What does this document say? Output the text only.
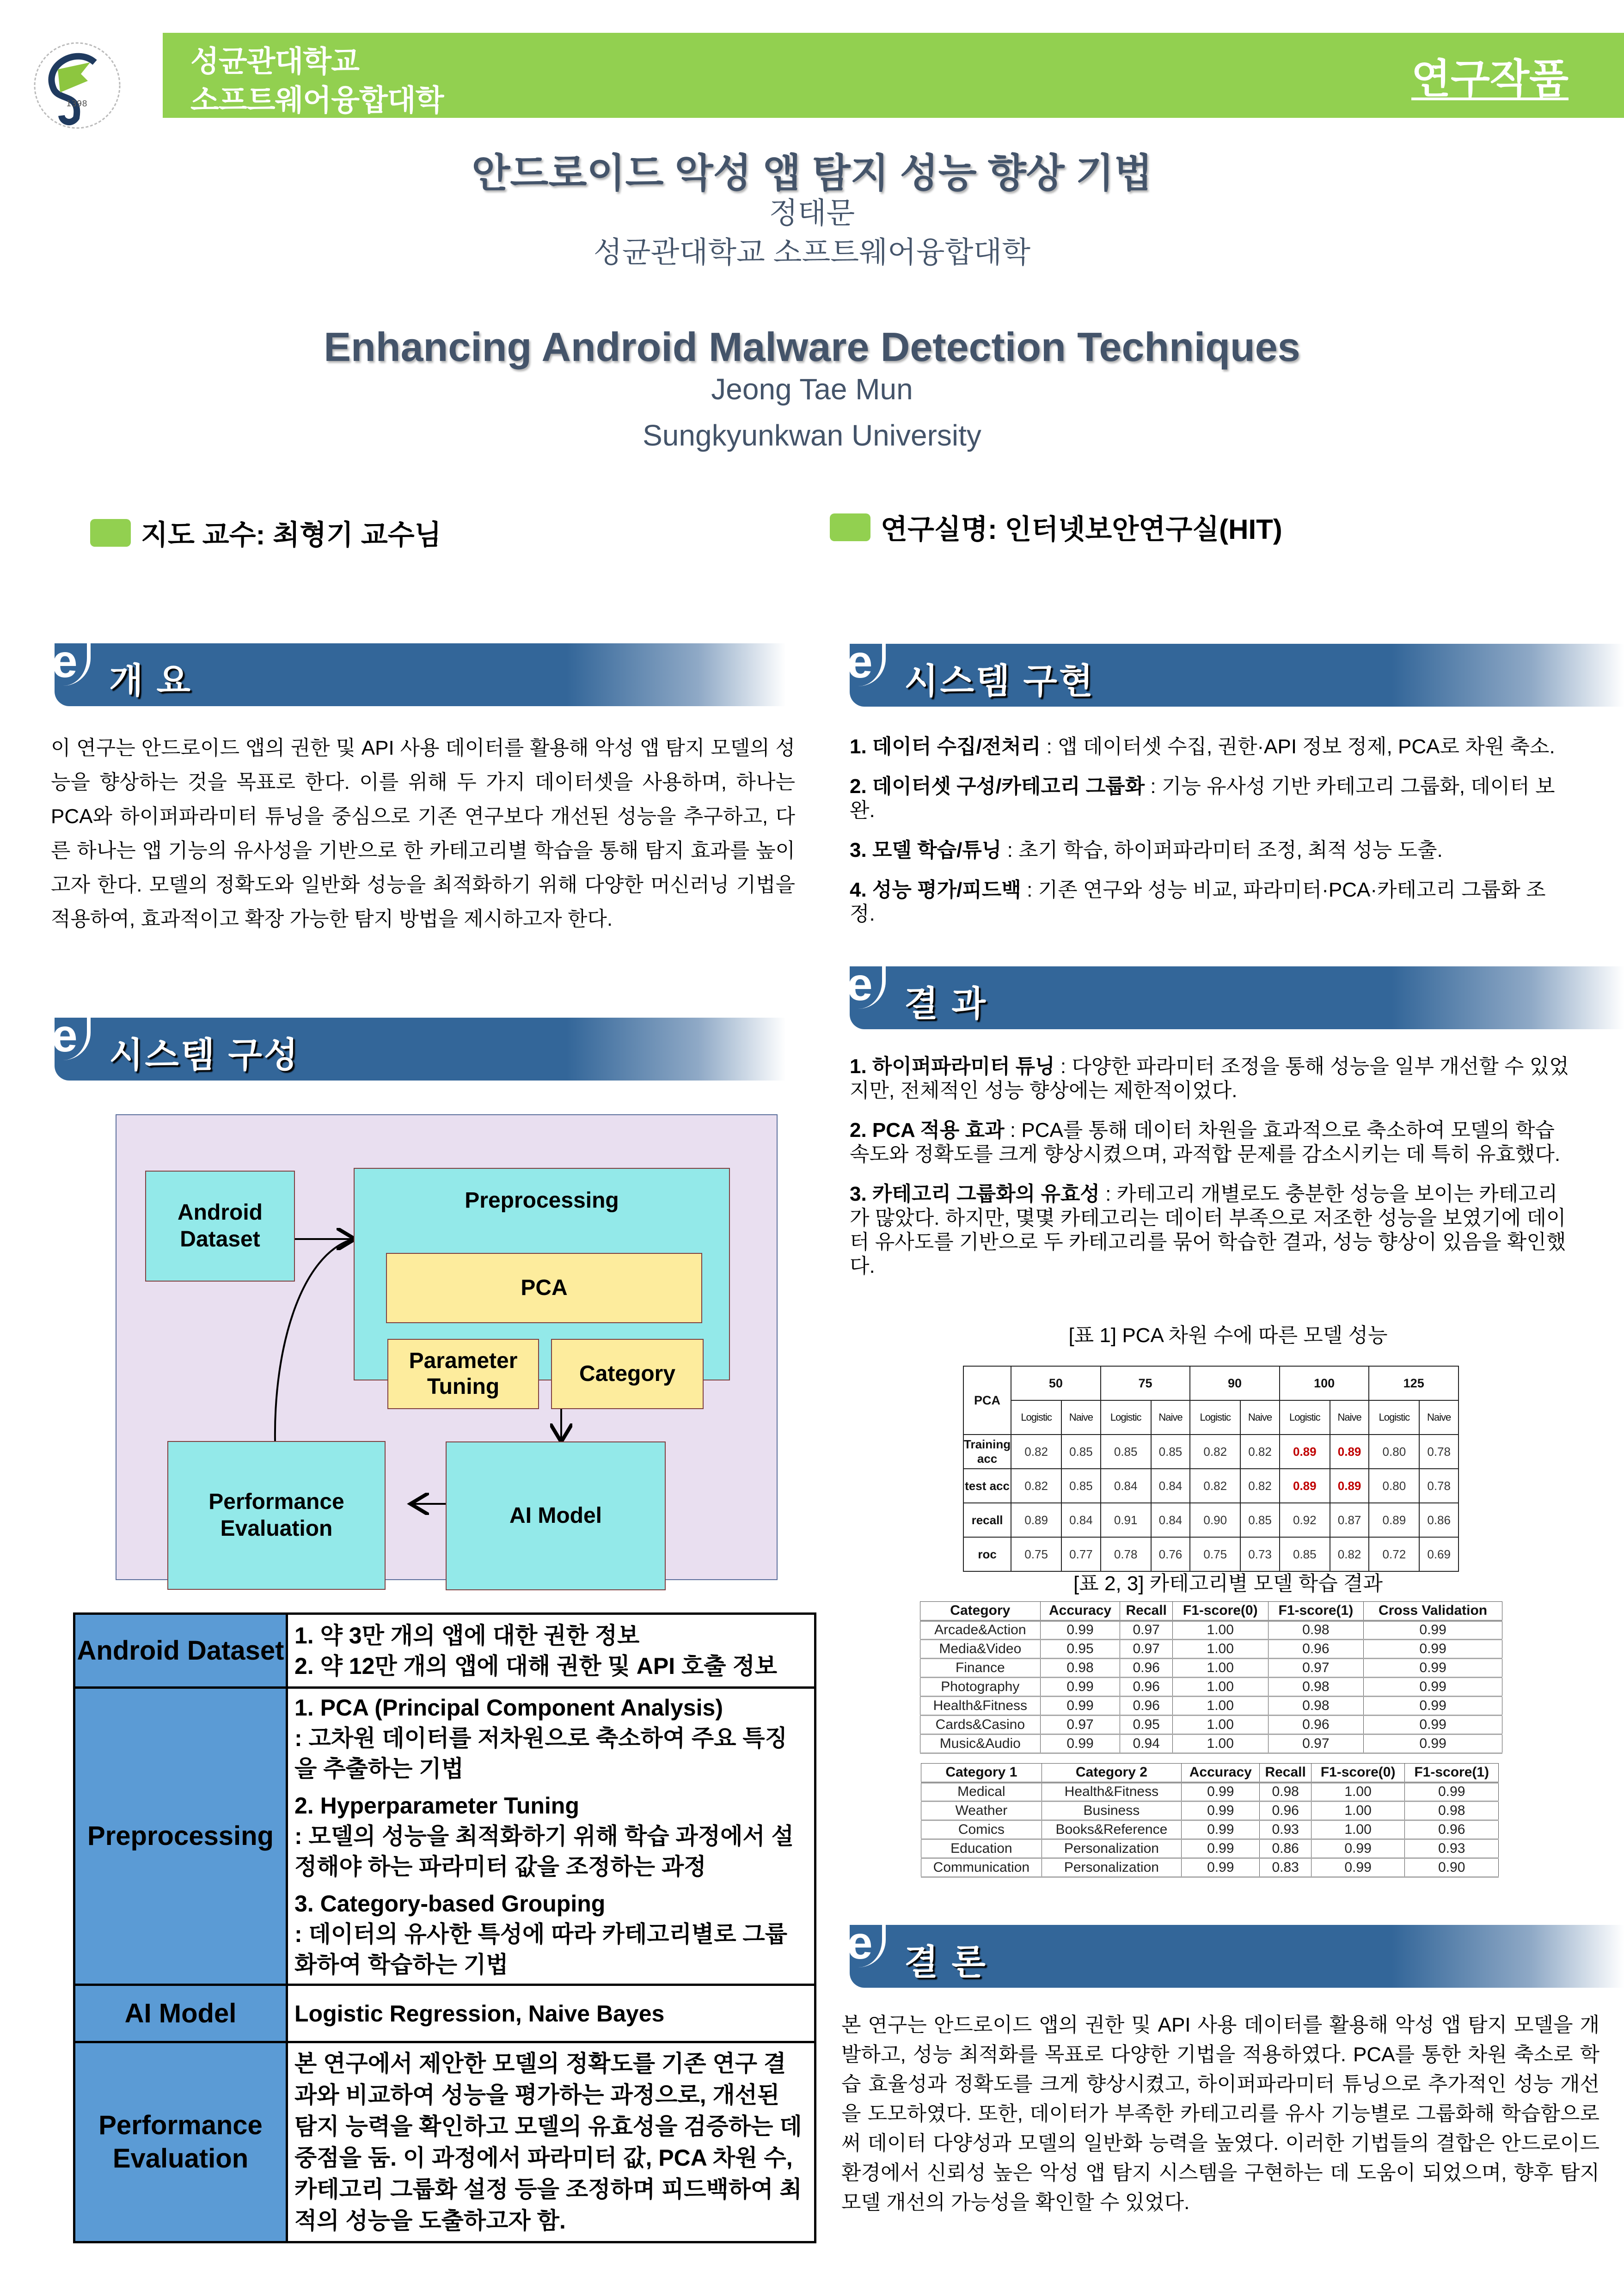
1398
성균관대학교
소프트웨어융합대학	연구작품
안드로이드 악성 앱 탐지 성능 향상 기법
정태문
성균관대학교 소프트웨어융합대학
Enhancing Android Malware Detection Techniques
Jeong Tae Mun
Sungkyunkwan University
지도 교수: 최형기 교수님	연구실명: 인터넷보안연구실(HIT)
e 개 요
이 연구는 안드로이드 앱의 권한 및 API 사용 데이터를 활용해 악성 앱 탐지 모델의 성능을 향상하는 것을 목표로 한다. 이를 위해 두 가지 데이터셋을 사용하며, 하나는 PCA와 하이퍼파라미터 튜닝을 중심으로 기존 연구보다 개선된 성능을 추구하고, 다른 하나는 앱 기능의 유사성을 기반으로 한 카테고리별 학습을 통해 탐지 효과를 높이고자 한다. 모델의 정확도와 일반화 성능을 최적화하기 위해 다양한 머신러닝 기법을 적용하여, 효과적이고 확장 가능한 탐지 방법을 제시하고자 한다.
e 시스템 구성
Android Dataset
Preprocessing
PCA
Parameter Tuning
Category
Performance Evaluation
AI Model
Android Dataset	1. 약 3만 개의 앱에 대한 권한 정보
2. 약 12만 개의 앱에 대해 권한 및 API 호출 정보

Preprocessing	
1. PCA (Principal Component Analysis)
: 고차원 데이터를 저차원으로 축소하여 주요 특징을 추출하는 기법
2. Hyperparameter Tuning
: 모델의 성능을 최적화하기 위해 학습 과정에서 설정해야 하는 파라미터 값을 조정하는 과정
3. Category-based Grouping
: 데이터의 유사한 특성에 따라 카테고리별로 그룹화하여 학습하는 기법

AI Model	Logistic Regression, Naive Bayes
Performance Evaluation	본 연구에서 제안한 모델의 정확도를 기존 연구 결과와 비교하여 성능을 평가하는 과정으로, 개선된 탐지 능력을 확인하고 모델의 유효성을 검증하는 데 중점을 둠. 이 과정에서 파라미터 값, PCA 차원 수, 카테고리 그룹화 설정 등을 조정하며 피드백하여 최적의 성능을 도출하고자 함.
e 시스템 구현
1. 데이터 수집/전처리 : 앱 데이터셋 수집, 권한·API 정보 정제, PCA로 차원 축소.
2. 데이터셋 구성/카테고리 그룹화 : 기능 유사성 기반 카테고리 그룹화, 데이터 보완.
3. 모델 학습/튜닝 : 초기 학습, 하이퍼파라미터 조정, 최적 성능 도출.
4. 성능 평가/피드백 : 기존 연구와 성능 비교, 파라미터·PCA·카테고리 그룹화 조정.
e 결 과
1. 하이퍼파라미터 튜닝 : 다양한 파라미터 조정을 통해 성능을 일부 개선할 수 있었지만, 전체적인 성능 향상에는 제한적이었다.
2. PCA 적용 효과 : PCA를 통해 데이터 차원을 효과적으로 축소하여 모델의 학습 속도와 정확도를 크게 향상시켰으며, 과적합 문제를 감소시키는 데 특히 유효했다.
3. 카테고리 그룹화의 유효성 : 카테고리 개별로도 충분한 성능을 보이는 카테고리가 많았다. 하지만, 몇몇 카테고리는 데이터 부족으로 저조한 성능을 보였기에 데이터 유사도를 기반으로 두 카테고리를 묶어 학습한 결과, 성능 향상이 있음을 확인했다.
[표 1] PCA 차원 수에 따른 모델 성능
PCA	50		75		90		100		125	
	Logistic	Naive	Logistic	Naive	Logistic	Naive	Logistic	Naive	Logistic	Naive
Training acc	0.82	0.85	0.85	0.85	0.82	0.82	0.89	0.89	0.80	0.78
test acc	0.82	0.85	0.84	0.84	0.82	0.82	0.89	0.89	0.80	0.78
recall	0.89	0.84	0.91	0.84	0.90	0.85	0.92	0.87	0.89	0.86
roc	0.75	0.77	0.78	0.76	0.75	0.73	0.85	0.82	0.72	0.69
[표 2, 3] 카테고리별 모델 학습 결과
Category	Accuracy	Recall	F1-score(0)	F1-score(1)	Cross Validation
Arcade&Action	0.99	0.97	1.00	0.98	0.99
Media&Video	0.95	0.97	1.00	0.96	0.99
Finance	0.98	0.96	1.00	0.97	0.99
Photography	0.99	0.96	1.00	0.98	0.99
Health&Fitness	0.99	0.96	1.00	0.98	0.99
Cards&Casino	0.97	0.95	1.00	0.96	0.99
Music&Audio	0.99	0.94	1.00	0.97	0.99
Category 1	Category 2	Accuracy	Recall	F1-score(0)	F1-score(1)
Medical	Health&Fitness	0.99	0.98	1.00	0.99
Weather	Business	0.99	0.96	1.00	0.98
Comics	Books&Reference	0.99	0.93	1.00	0.96
Education	Personalization	0.99	0.86	0.99	0.93
Communication	Personalization	0.99	0.83	0.99	0.90
e 결 론
본 연구는 안드로이드 앱의 권한 및 API 사용 데이터를 활용해 악성 앱 탐지 모델을 개발하고, 성능 최적화를 목표로 다양한 기법을 적용하였다. PCA를 통한 차원 축소로 학습 효율성과 정확도를 크게 향상시켰고, 하이퍼파라미터 튜닝으로 추가적인 성능 개선을 도모하였다. 또한, 데이터가 부족한 카테고리를 유사 기능별로 그룹화해 학습함으로써 데이터 다양성과 모델의 일반화 능력을 높였다. 이러한 기법들의 결합은 안드로이드 환경에서 신뢰성 높은 악성 앱 탐지 시스템을 구현하는 데 도움이 되었으며, 향후 탐지 모델 개선의 가능성을 확인할 수 있었다.
